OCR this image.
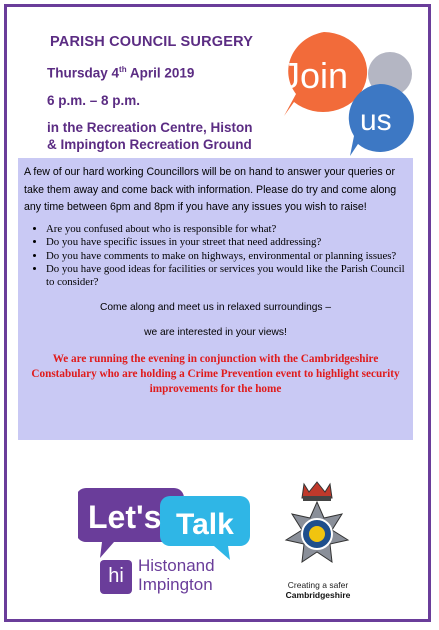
PARISH COUNCIL SURGERY
Thursday 4th April 2019
6 p.m. – 8 p.m.
in the Recreation Centre, Histon
& Impington Recreation Ground
Join
us

A few of our hard working Councillors will be on hand to answer your queries or take them away and come back with information. Please do try and come along any time between 6pm and 8pm if you have any issues you wish to raise!

• Are you confused about who is responsible for what?
• Do you have specific issues in your street that need addressing?
• Do you have comments to make on highways, environmental or planning issues?
• Do you have good ideas for facilities or services you would like the Parish Council to consider?
Come along and meet us in relaxed surroundings –
we are interested in your views!
We are running the evening in conjunction with the Cambridgeshire Constabulary who are holding a Crime Prevention event to highlight security improvements for the home
Let's Talk
hi Histonand
Impington	Creating a safer
Cambridgeshire
